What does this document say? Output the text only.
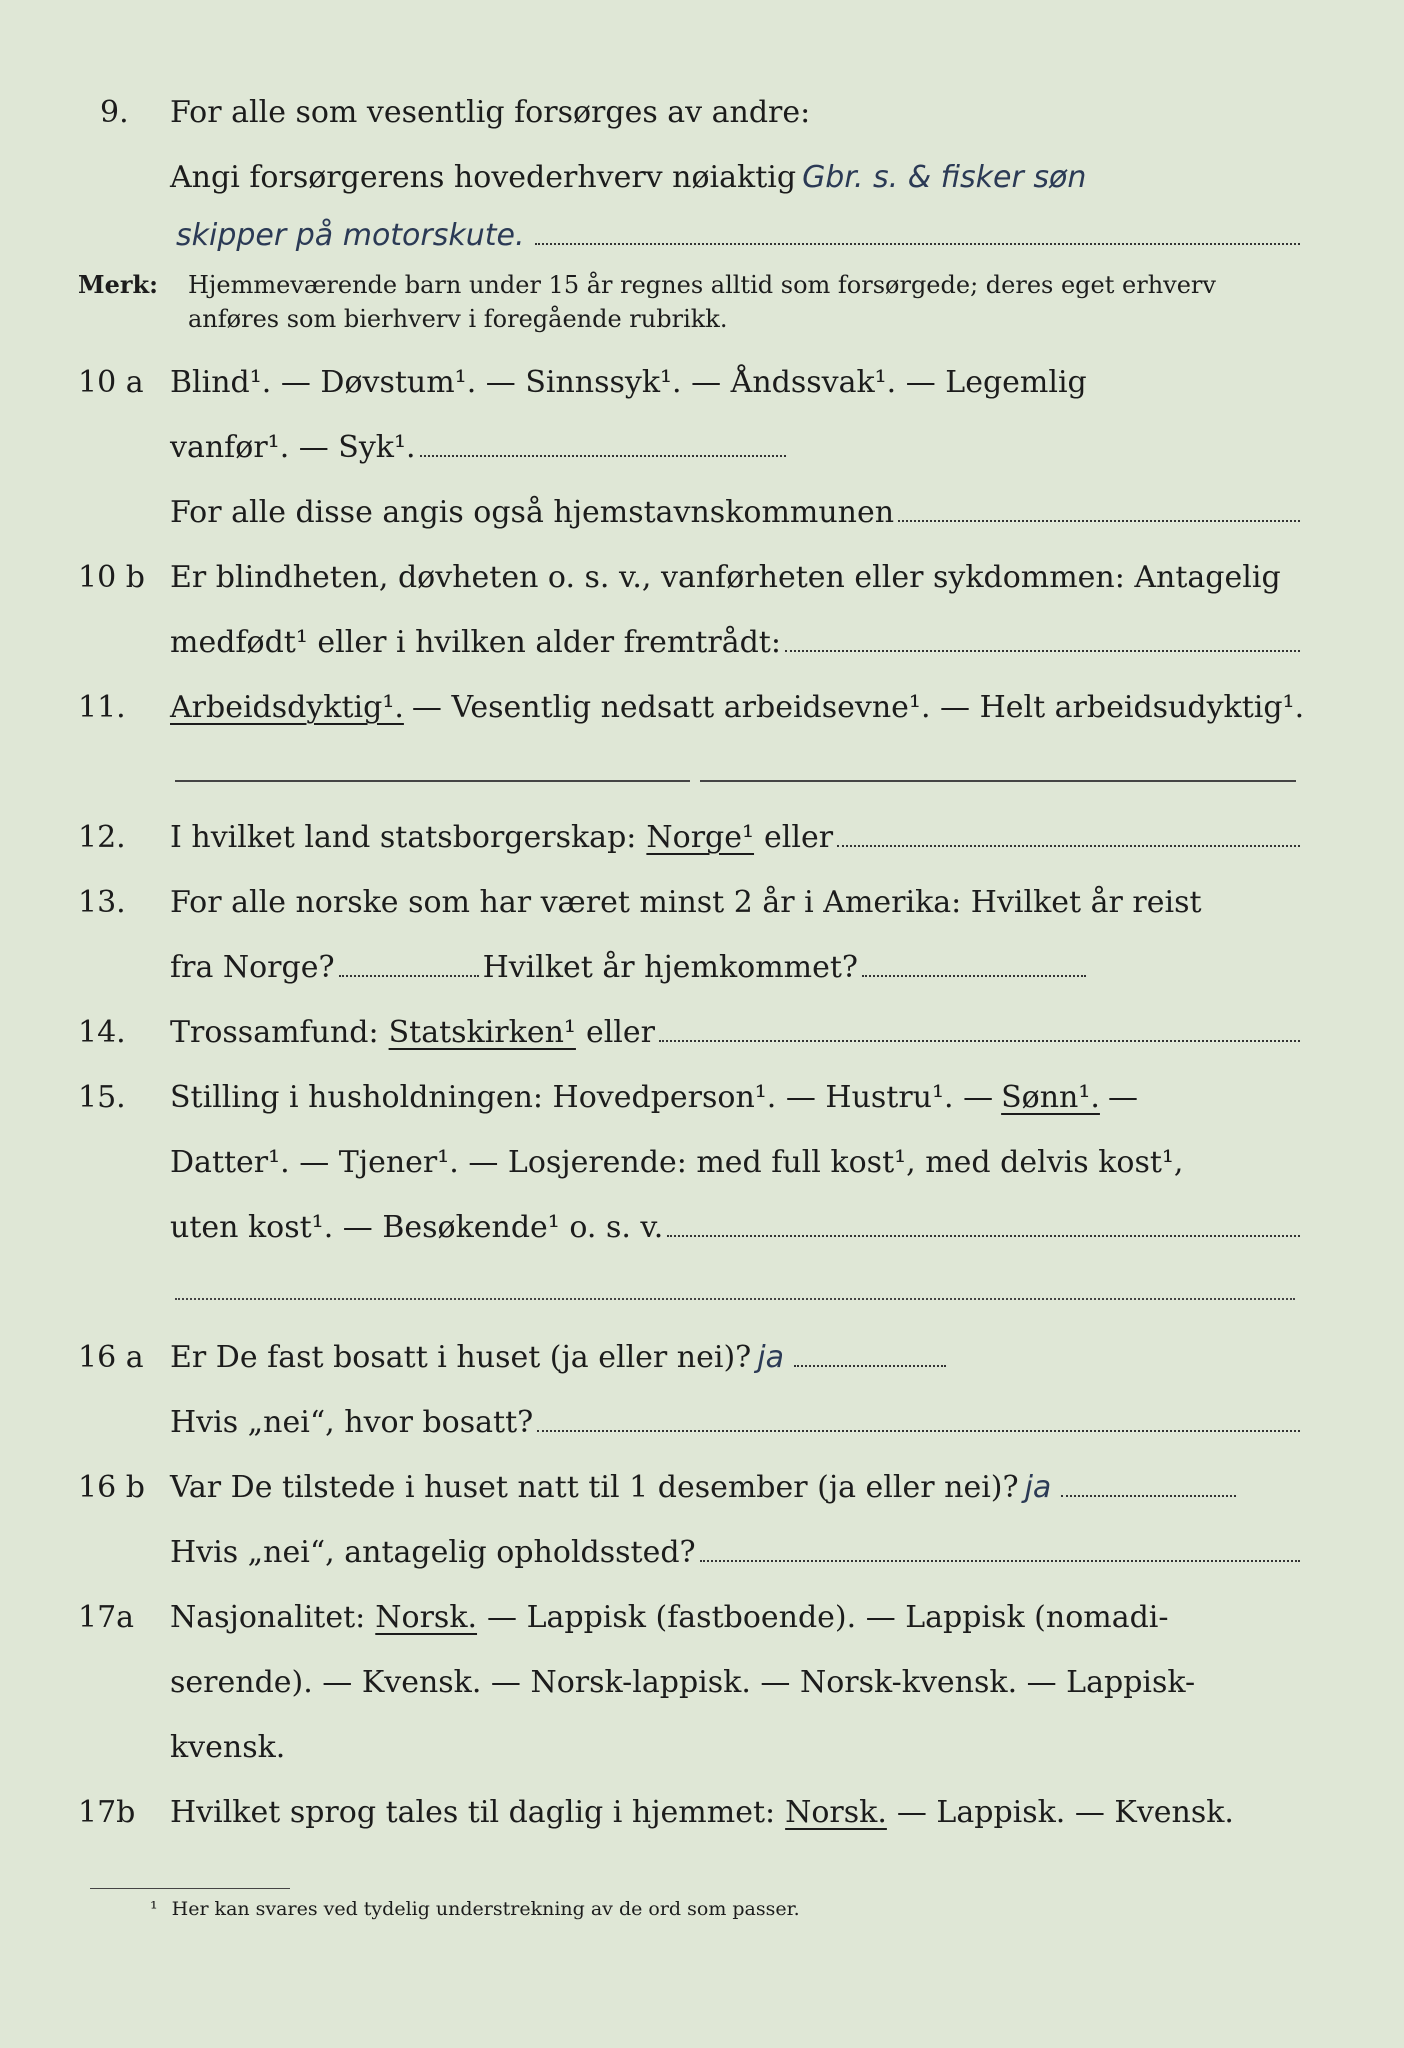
9.	For alle som vesentlig forsørges av andre:
Angi forsørgerens hovederhverv nøiaktig Gbr. s. & fisker søn
skipper på motorskute.
Merk:	Hjemmeværende barn under 15 år regnes alltid som forsørgede; deres eget erhverv
anføres som bierhverv i foregående rubrikk.
10 a Blind¹. — Døvstum¹. — Sinnssyk¹. — Åndssvak¹. — Legemlig
vanfør¹. — Syk¹.
For alle disse angis også hjemstavnskommunen
10 b Er blindheten, døvheten o. s. v., vanførheten eller sykdommen: Antagelig
medfødt¹ eller i hvilken alder fremtrådt:
11.	Arbeidsdyktig¹. — Vesentlig nedsatt arbeidsevne¹. — Helt arbeidsudyktig¹.
12.	I hvilket land statsborgerskap: Norge¹ eller
13.	For alle norske som har været minst 2 år i Amerika: Hvilket år reist
fra Norge?	Hvilket år hjemkommet?
14.	Trossamfund: Statskirken¹ eller
15.	Stilling i husholdningen: Hovedperson¹. — Hustru¹. — Sønn¹. —
Datter¹. — Tjener¹. — Losjerende: med full kost¹, med delvis kost¹,
uten kost¹. — Besøkende¹ o. s. v.
16 a Er De fast bosatt i huset (ja eller nei)? ja
Hvis „nei“, hvor bosatt?
16 b Var De tilstede i huset natt til 1 desember (ja eller nei)? ja
Hvis „nei“, antagelig opholdssted?
17a	Nasjonalitet: Norsk. — Lappisk (fastboende). — Lappisk (nomadi-
serende). — Kvensk. — Norsk-lappisk. — Norsk-kvensk. — Lappisk-
kvensk.
17b	Hvilket sprog tales til daglig i hjemmet: Norsk. — Lappisk. — Kvensk.
¹ Her kan svares ved tydelig understrekning av de ord som passer.
